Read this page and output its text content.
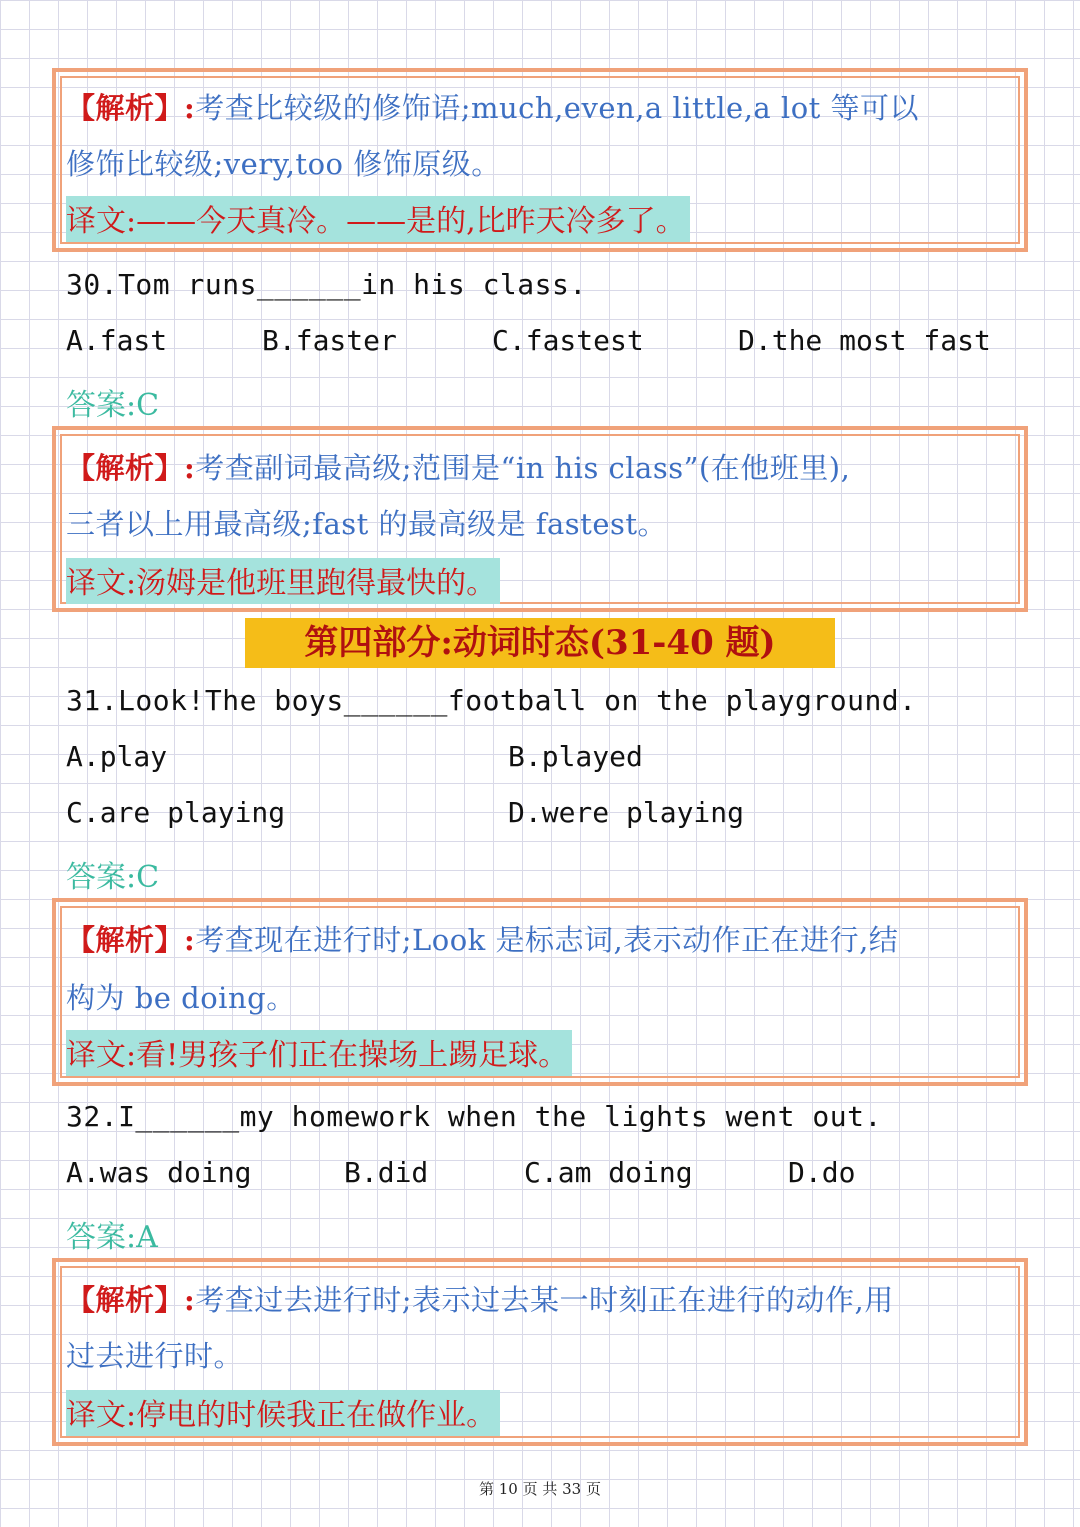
【解析】:考查比较级的修饰语;much,even,a little,a lot 等可以
修饰比较级;very,too 修饰原级。
译文:——今天真冷。——是的,比昨天冷多了。
30.Tom runs______in his class.
A.fast	B.faster	C.fastest	D.the most fast
答案:C
【解析】:考查副词最高级;范围是“in his class”(在他班里),
三者以上用最高级;fast 的最高级是 fastest。
译文:汤姆是他班里跑得最快的。
第四部分:动词时态(31-40 题)
31.Look!The boys______football on the playground.
A.play	B.played
C.are playing	D.were playing
答案:C
【解析】:考查现在进行时;Look 是标志词,表示动作正在进行,结
构为 be doing。
译文:看!男孩子们正在操场上踢足球。
32.I______my homework when the lights went out.
A.was doing	B.did	C.am doing	D.do
答案:A
【解析】:考查过去进行时;表示过去某一时刻正在进行的动作,用
过去进行时。
译文:停电的时候我正在做作业。
第 10 页 共 33 页
